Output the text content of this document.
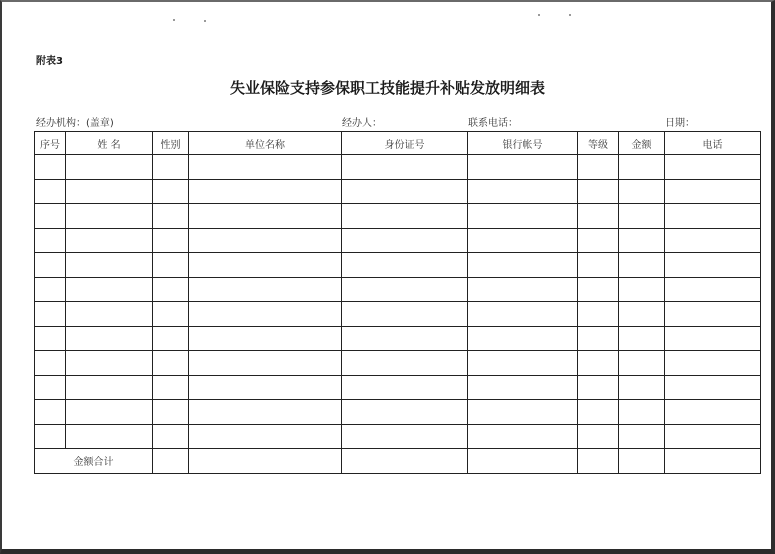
附表3
失业保险支持参保职工技能提升补贴发放明细表
经办机构：(盖章)	经办人：	联系电话：	日期：
序号	姓 名	性别	单位名称	身份证号	银行帐号	等级	金额	电话

金额合计								
